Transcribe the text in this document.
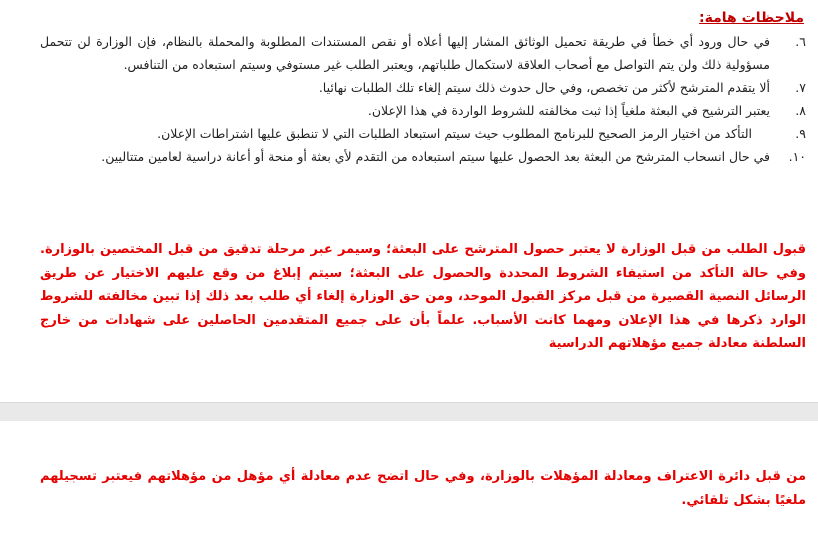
ملاحظات هامة:
٦.
في حال ورود أي خطأ في طريقة تحميل الوثائق المشار إليها أعلاه أو نقص المستندات المطلوبة والمحملة بالنظام، فإن الوزارة لن تتحمل مسؤولية ذلك ولن يتم التواصل مع أصحاب العلاقة لاستكمال طلباتهم، ويعتبر الطلب غير مستوفي وسيتم استبعاده من التنافس.
٧.
ألا يتقدم المترشح لأكثر من تخصص، وفي حال حدوث ذلك سيتم إلغاء تلك الطلبات نهائيا.
٨.
يعتبر الترشيح في البعثة ملغياً إذا ثبت مخالفته للشروط الواردة في هذا الإعلان.
٩.
التأكد من اختيار الرمز الصحيح للبرنامج المطلوب حيث سيتم استبعاد الطلبات التي لا تنطبق عليها اشتراطات الإعلان.
١٠.
في حال انسحاب المترشح من البعثة بعد الحصول عليها سيتم استبعاده من التقدم لأي بعثة أو منحة أو أعانة دراسية لعامين متتاليين.
قبول الطلب من قبل الوزارة لا يعتبر حصول المترشح على البعثة؛ وسيمر عبر مرحلة تدقيق من قبل المختصين بالوزارة. وفي حالة التأكد من استيفاء الشروط المحددة والحصول على البعثة؛ سيتم إبلاغ من وقع عليهم الاختيار عن طريق الرسائل النصية القصيرة من قبل مركز القبول الموحد، ومن حق الوزارة إلغاء أي طلب بعد ذلك إذا تبين مخالفته للشروط الوارد ذكرها في هذا الإعلان ومهما كانت الأسباب. علماً بأن على جميع المتقدمين الحاصلين على شهادات من خارج السلطنة معادلة جميع مؤهلاتهم الدراسية
من قبل دائرة الاعتراف ومعادلة المؤهلات بالوزارة، وفي حال اتضح عدم معادلة أي مؤهل من مؤهلاتهم فيعتبر تسجيلهم ملغيًا بشكل تلقائي.
